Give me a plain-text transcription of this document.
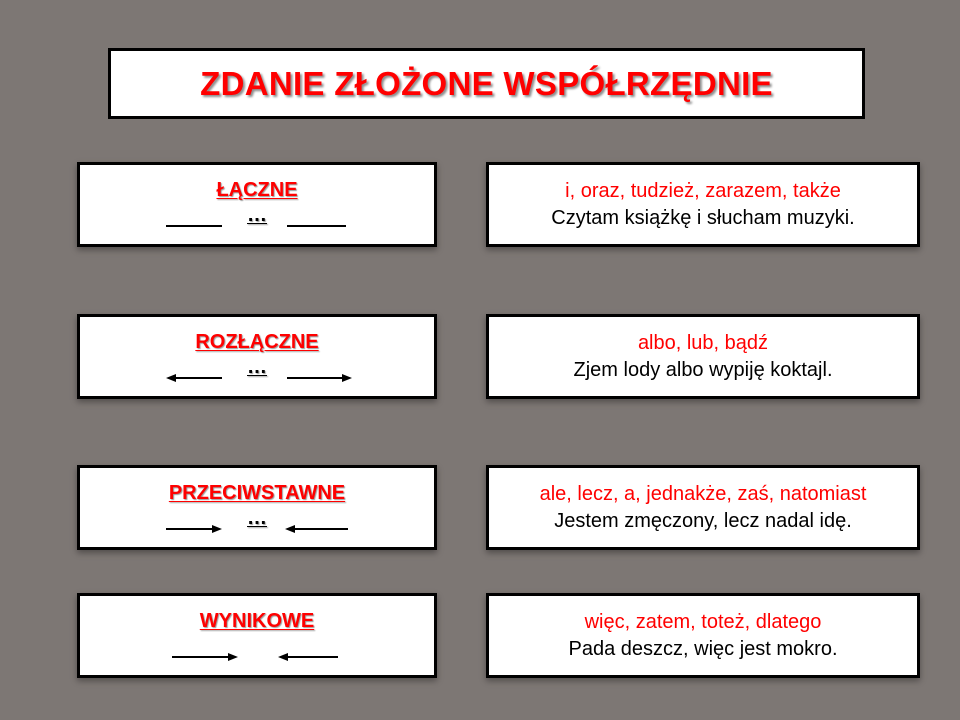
ZDANIE ZŁOŻONE WSPÓŁRZĘDNIE
ŁĄCZNE
…
i, oraz, tudzież, zarazem, także
Czytam książkę i słucham muzyki.
ROZŁĄCZNE
…
albo, lub, bądź
Zjem lody albo wypiję koktajl.
PRZECIWSTAWNE
…
ale, lecz, a, jednakże, zaś, natomiast
Jestem zmęczony, lecz nadal idę.
WYNIKOWE	więc, zatem, toteż, dlatego
Pada deszcz, więc jest mokro.
